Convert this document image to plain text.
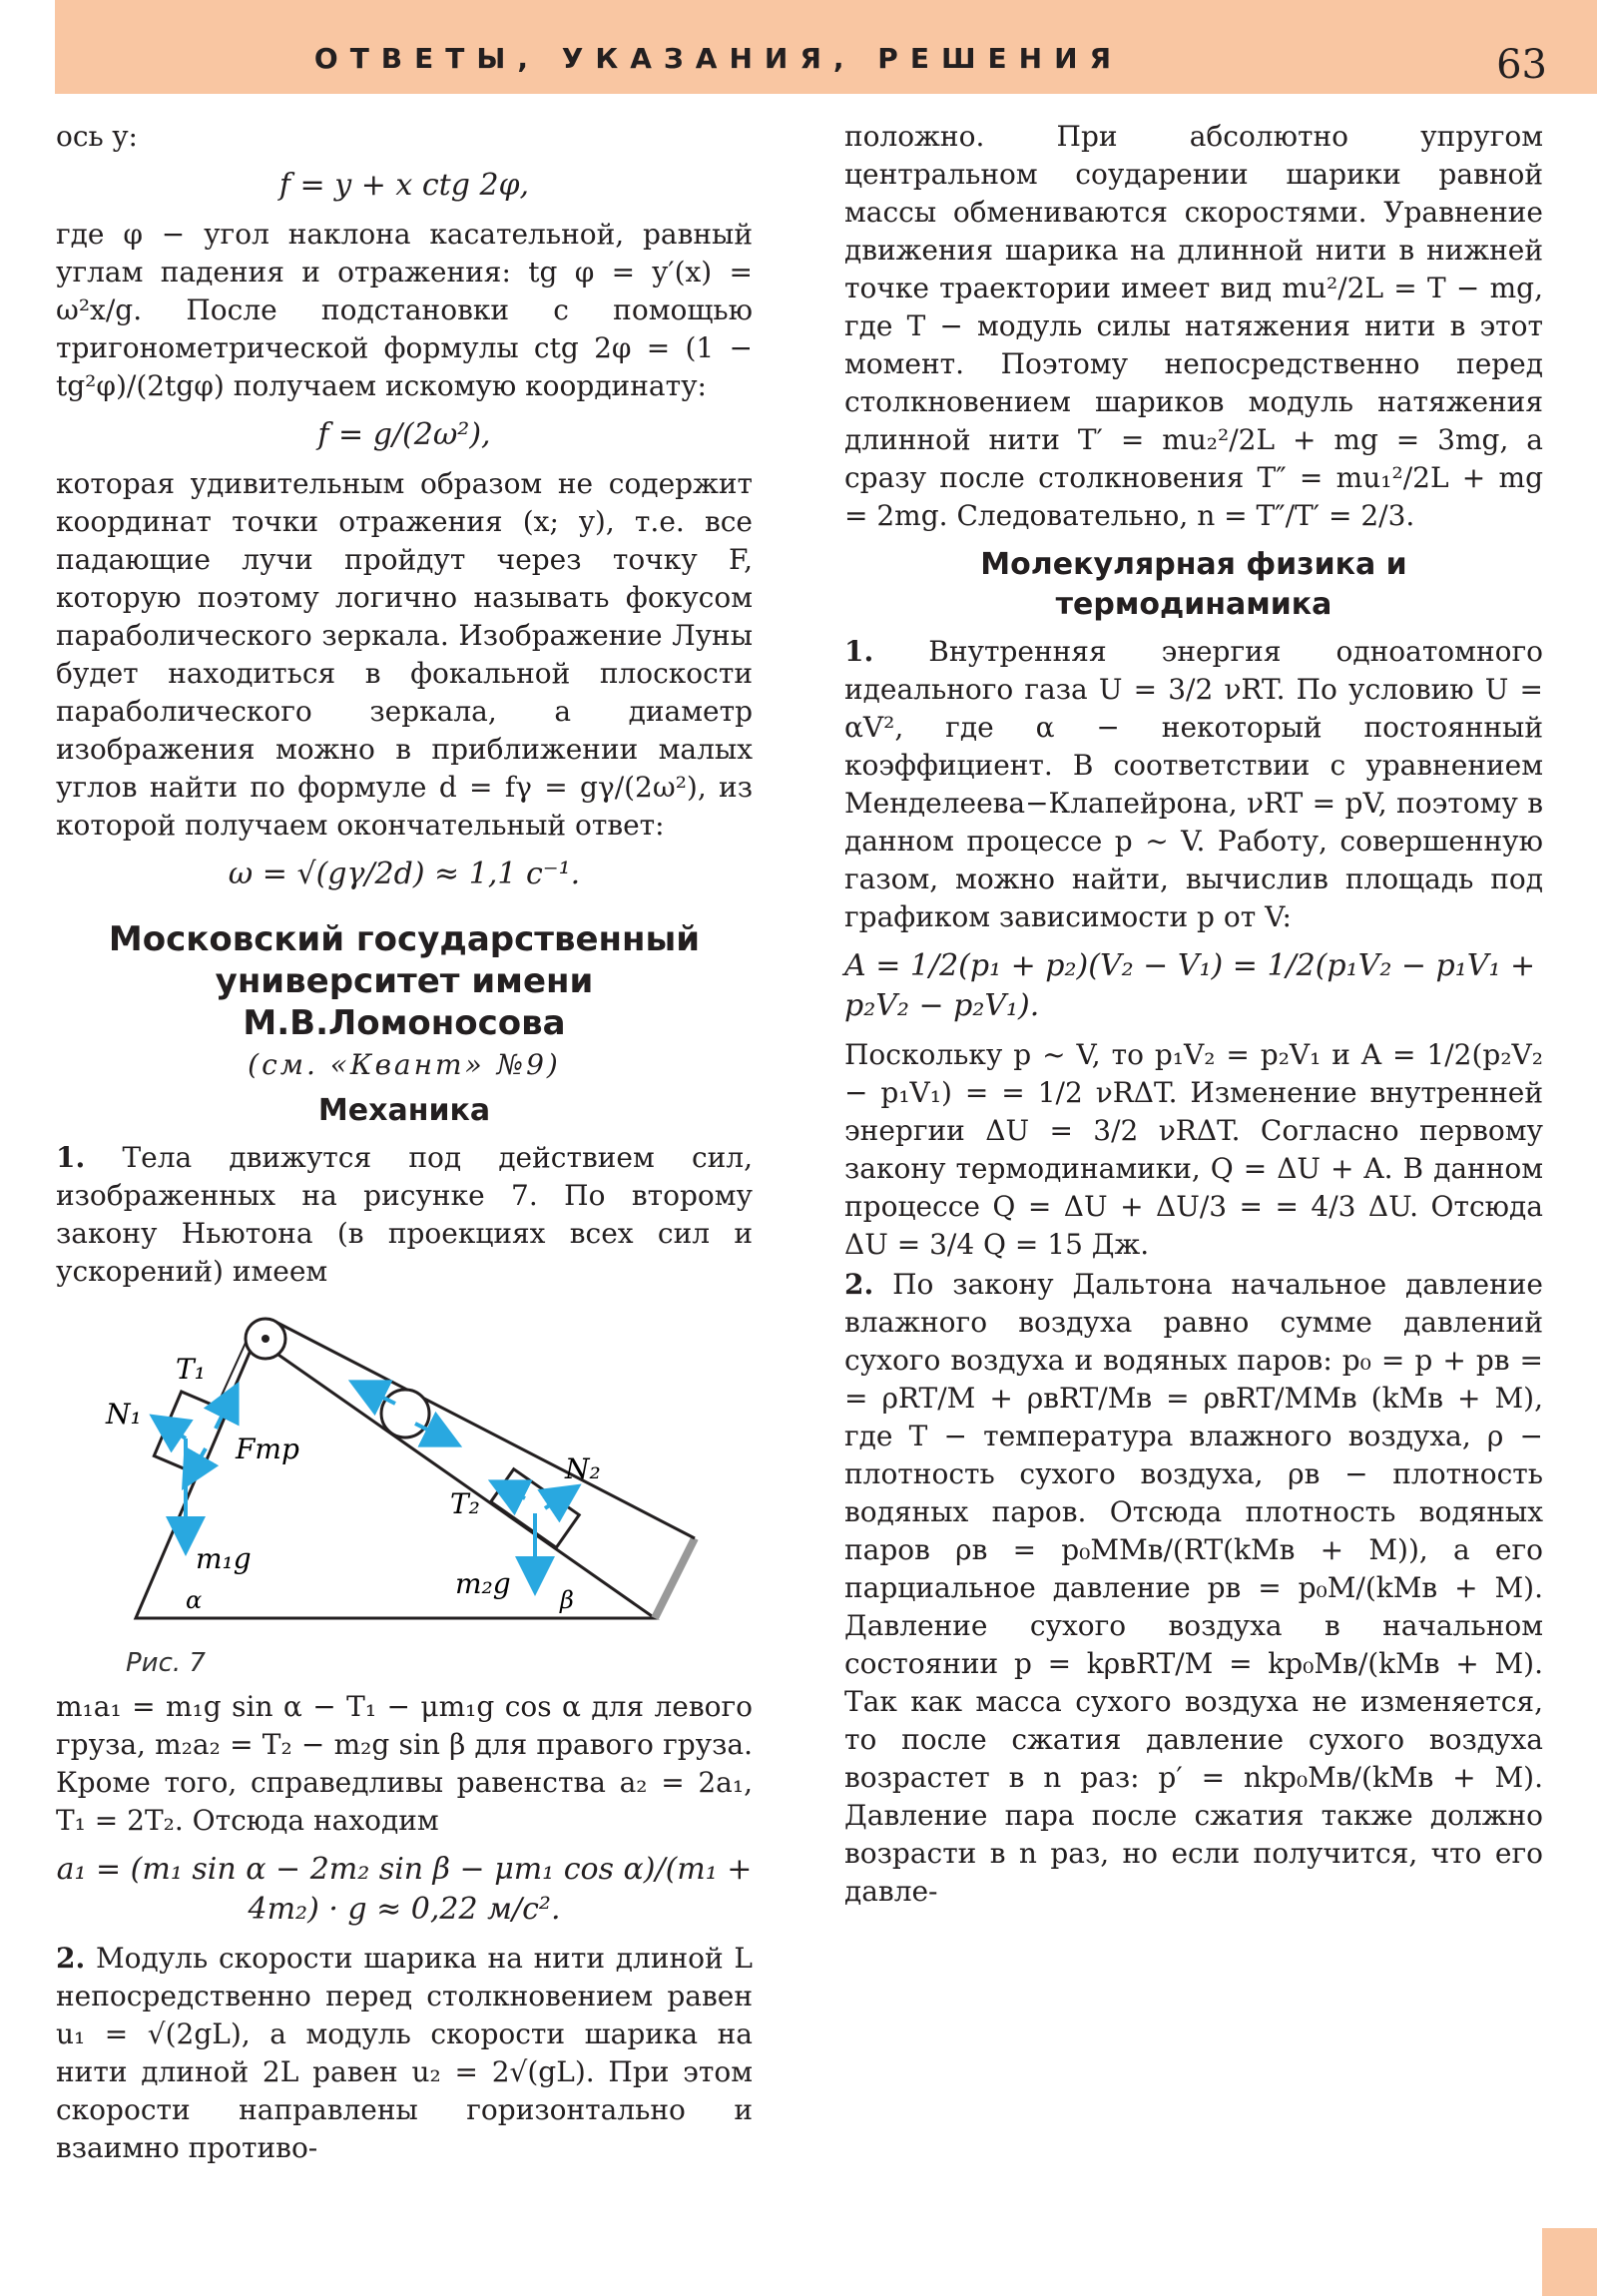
ОТВЕТЫ, УКАЗАНИЯ, РЕШЕНИЯ	63

ось y:

f = y + x ctg 2φ,

где φ − угол наклона касательной, равный углам падения и отражения: tg φ = y′(x) = ω²x/g. После подстановки с помощью тригонометрической формулы ctg 2φ = (1 − tg²φ)/(2tgφ) получаем искомую координату:

f = g/(2ω²),

которая удивительным образом не содержит координат точки отражения (x; y), т.е. все падающие лучи пройдут через точку F, которую поэтому логично называть фокусом параболического зеркала. Изображение Луны будет находиться в фокальной плоскости параболического зеркала, а диаметр изображения можно в приближении малых углов найти по формуле d = fγ = gγ/(2ω²), из которой получаем окончательный ответ:

ω = √(gγ/2d) ≈ 1,1 с⁻¹.
Московский государственный
университет имени М.В.Ломоносова
(см. «Квант» №9)
Механика

1. Тела движутся под действием сил, изображенных на рисунке 7. По второму закону Ньютона (в проекциях всех сил и ускорений) имеем

N₁
T₁
Fтр
m₁g
α
T₂
N₂
m₂g β
Рис. 7

m₁a₁ = m₁g sin α − T₁ − μm₁g cos α для левого груза, m₂a₂ = T₂ − m₂g sin β для правого груза. Кроме того, справедливы равенства a₂ = 2a₁, T₁ = 2T₂. Отсюда находим

a₁ = (m₁ sin α − 2m₂ sin β − μm₁ cos α)/(m₁ + 4m₂) · g ≈ 0,22 м/с².

2. Модуль скорости шарика на нити длиной L непосредственно перед столкновением равен u₁ = √(2gL), а модуль скорости шарика на нити длиной 2L равен u₂ = 2√(gL). При этом скорости направлены горизонтально и взаимно противо-

положно. При абсолютно упругом центральном соударении шарики равной массы обмениваются скоростями. Уравнение движения шарика на длинной нити в нижней точке траектории имеет вид mu²/2L = T − mg, где T − модуль силы натяжения нити в этот момент. Поэтому непосредственно перед столкновением шариков модуль натяжения длинной нити T′ = mu₂²/2L + mg = 3mg, а сразу после столкновения T″ = mu₁²/2L + mg = 2mg. Следовательно, n = T″/T′ = 2/3.

Молекулярная физика и термодинамика

1. Внутренняя энергия одноатомного идеального газа U = 3/2 νRT. По условию U = αV², где α − некоторый постоянный коэффициент. В соответствии с уравнением Менделеева−Клапейрона, νRT = pV, поэтому в данном процессе p ~ V. Работу, совершенную газом, можно найти, вычислив площадь под графиком зависимости p от V:

A = 1/2(p₁ + p₂)(V₂ − V₁) = 1/2(p₁V₂ − p₁V₁ + p₂V₂ − p₂V₁).

Поскольку p ~ V, то p₁V₂ = p₂V₁ и A = 1/2(p₂V₂ − p₁V₁) = = 1/2 νRΔT. Изменение внутренней энергии ΔU = 3/2 νRΔT. Согласно первому закону термодинамики, Q = ΔU + A. В данном процессе Q = ΔU + ΔU/3 = = 4/3 ΔU. Отсюда ΔU = 3/4 Q = 15 Дж.

2. По закону Дальтона начальное давление влажного воздуха равно сумме давлений сухого воздуха и водяных паров: p₀ = p + pв = = ρRT/M + ρвRT/Mв = ρвRT/MMв (kMв + M), где T − температура влажного воздуха, ρ − плотность сухого воздуха, ρв − плотность водяных паров. Отсюда плотность водяных паров ρв = p₀MMв/(RT(kMв + M)), а его парциальное давление pв = p₀M/(kMв + M). Давление сухого воздуха в начальном состоянии p = kρвRT/M = kp₀Mв/(kMв + M). Так как масса сухого воздуха не изменяется, то после сжатия давление сухого воздуха возрастет в n раз: p′ = nkp₀Mв/(kMв + M). Давление пара после сжатия также должно возрасти в n раз, но если получится, что его давле-
